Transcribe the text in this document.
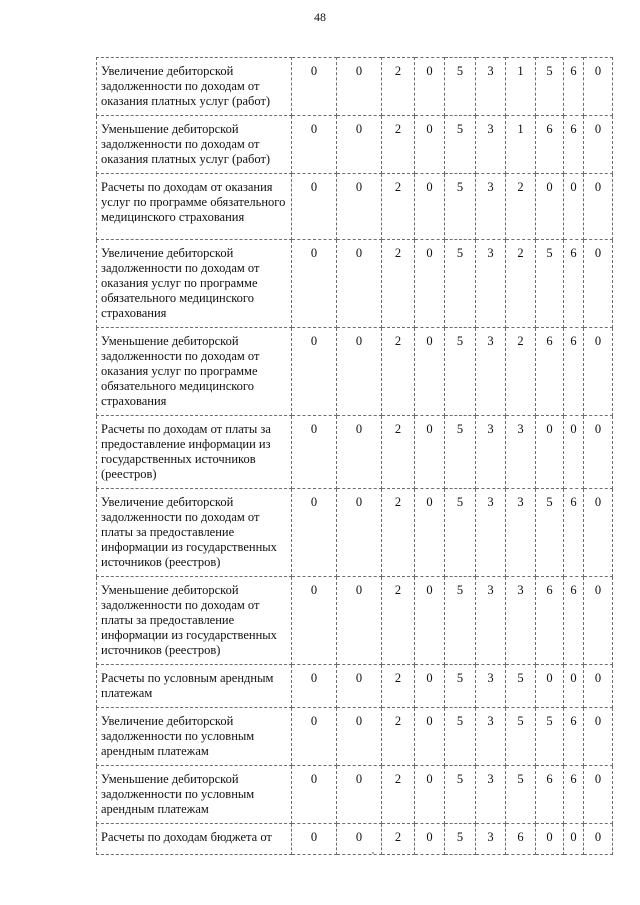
48
Увеличение дебиторской задолженности по доходам от оказания платных услуг (работ)	0	0	2	0	5	3	1	5	6	0
Уменьшение дебиторской задолженности по доходам от оказания платных услуг (работ)	0	0	2	0	5	3	1	6	6	0
Расчеты по доходам от оказания услуг по программе обязательного медицинского страхования	0	0	2	0	5	3	2	0	0	0
Увеличение дебиторской задолженности по доходам от оказания услуг по программе обязательного медицинского страхования	0	0	2	0	5	3	2	5	6	0
Уменьшение дебиторской задолженности по доходам от оказания услуг по программе обязательного медицинского страхования	0	0	2	0	5	3	2	6	6	0
Расчеты по доходам от платы за предоставление информации из государственных источников (реестров)	0	0	2	0	5	3	3	0	0	0
Увеличение дебиторской задолженности по доходам от платы за предоставление информации из государственных источников (реестров)	0	0	2	0	5	3	3	5	6	0
Уменьшение дебиторской задолженности по доходам от платы за предоставление информации из государственных источников (реестров)	0	0	2	0	5	3	3	6	6	0
Расчеты по условным арендным платежам	0	0	2	0	5	3	5	0	0	0
Увеличение дебиторской задолженности по условным арендным платежам	0	0	2	0	5	3	5	5	6	0
Уменьшение дебиторской задолженности по условным арендным платежам	0	0	2	0	5	3	5	6	6	0
Расчеты по доходам бюджета от	0	0	2	0	5	3	6	0	0	0
